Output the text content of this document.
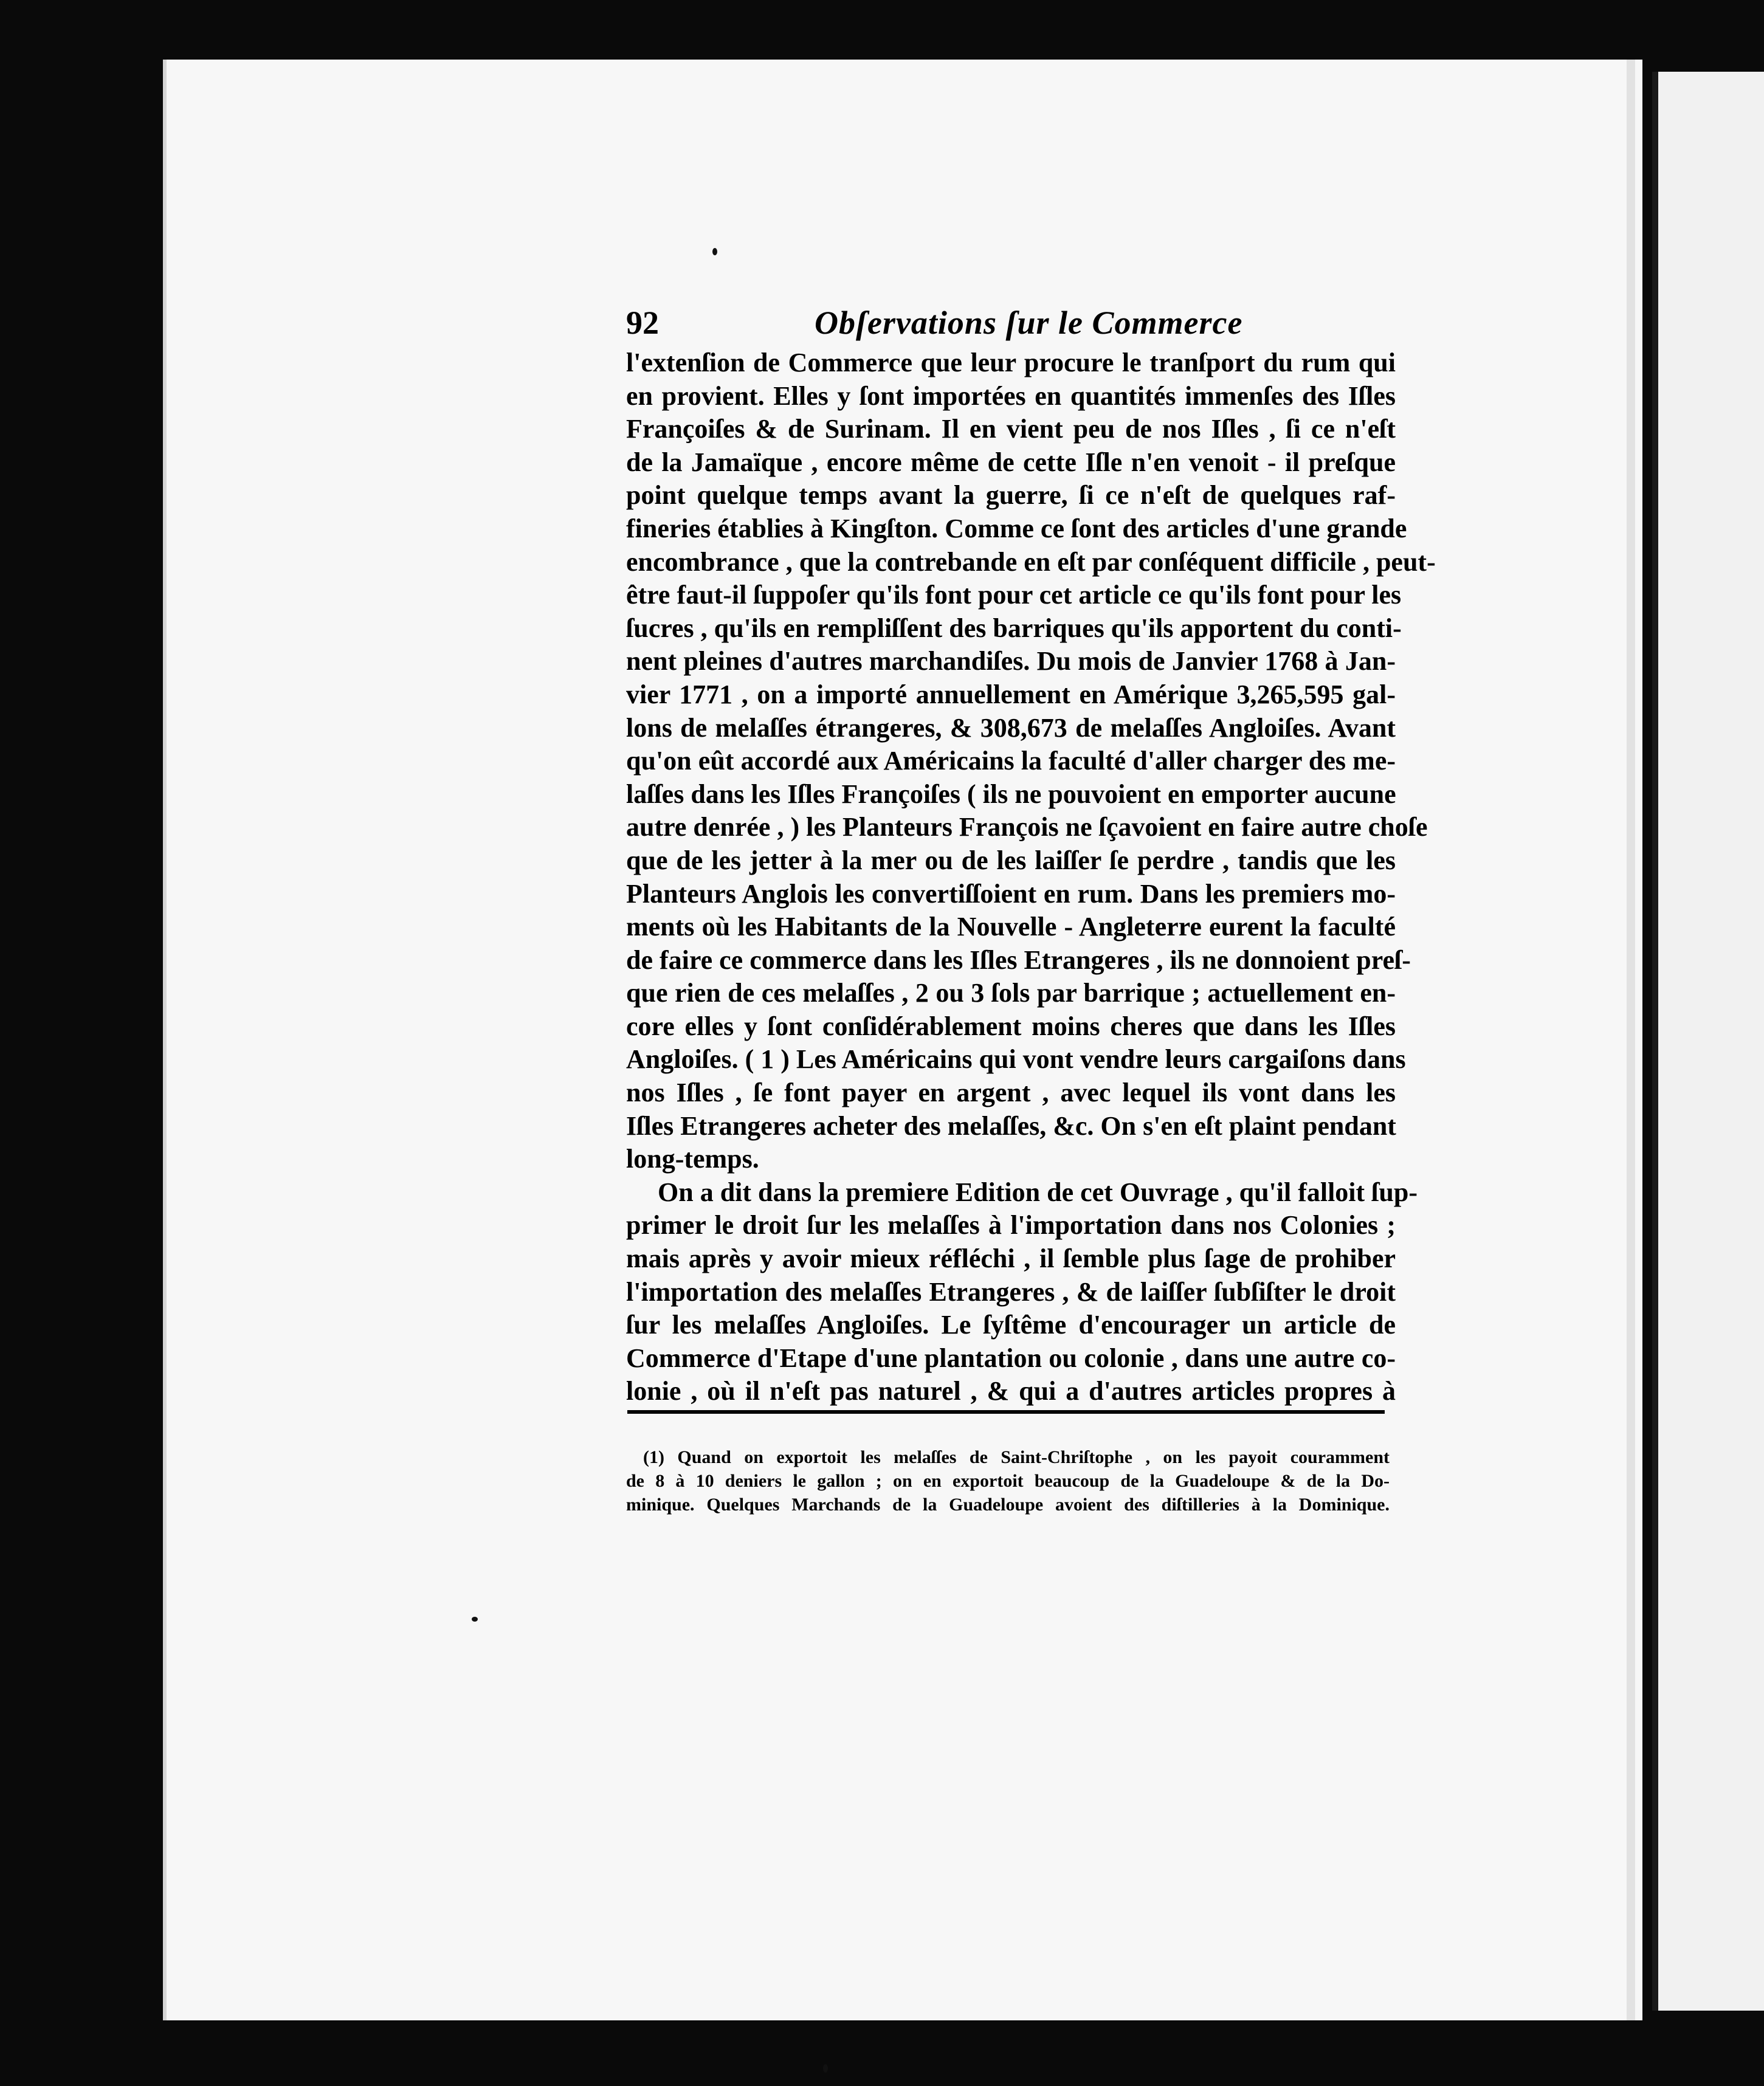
92	Obſervations ſur le Commerce
l'extenſion de Commerce que leur procure le tranſport du rum qui
en provient. Elles y ſont importées en quantités immenſes des Iſles
Françoiſes & de Surinam. Il en vient peu de nos Iſles , ſi ce n'eſt
de la Jamaïque , encore même de cette Iſle n'en venoit - il preſque
point quelque temps avant la guerre, ſi ce n'eſt de quelques raf-
fineries établies à Kingſton. Comme ce ſont des articles d'une grande
encombrance , que la contrebande en eſt par conſéquent difficile , peut-
être faut-il ſuppoſer qu'ils font pour cet article ce qu'ils font pour les
ſucres , qu'ils en rempliſſent des barriques qu'ils apportent du conti-
nent pleines d'autres marchandiſes. Du mois de Janvier 1768 à Jan-
vier 1771 , on a importé annuellement en Amérique 3,265,595 gal-
lons de melaſſes étrangeres, & 308,673 de melaſſes Angloiſes. Avant
qu'on eût accordé aux Américains la faculté d'aller charger des me-
laſſes dans les Iſles Françoiſes ( ils ne pouvoient en emporter aucune
autre denrée , ) les Planteurs François ne ſçavoient en faire autre choſe
que de les jetter à la mer ou de les laiſſer ſe perdre , tandis que les
Planteurs Anglois les convertiſſoient en rum. Dans les premiers mo-
ments où les Habitants de la Nouvelle - Angleterre eurent la faculté
de faire ce commerce dans les Iſles Etrangeres , ils ne donnoient preſ-
que rien de ces melaſſes , 2 ou 3 ſols par barrique ; actuellement en-
core elles y ſont conſidérablement moins cheres que dans les Iſles
Angloiſes. ( 1 ) Les Américains qui vont vendre leurs cargaiſons dans
nos Iſles , ſe font payer en argent , avec lequel ils vont dans les
Iſles Etrangeres acheter des melaſſes, &c. On s'en eſt plaint pendant
long-temps.
On a dit dans la premiere Edition de cet Ouvrage , qu'il falloit ſup-
primer le droit ſur les melaſſes à l'importation dans nos Colonies ;
mais après y avoir mieux réfléchi , il ſemble plus ſage de prohiber
l'importation des melaſſes Etrangeres , & de laiſſer ſubſiſter le droit
ſur les melaſſes Angloiſes. Le ſyſtême d'encourager un article de
Commerce d'Etape d'une plantation ou colonie , dans une autre co-
lonie , où il n'eſt pas naturel , & qui a d'autres articles propres à
(1) Quand on exportoit les melaſſes de Saint-Chriſtophe , on les payoit couramment
de 8 à 10 deniers le gallon ; on en exportoit beaucoup de la Guadeloupe & de la Do-
minique. Quelques Marchands de la Guadeloupe avoient des diſtilleries à la Dominique.
